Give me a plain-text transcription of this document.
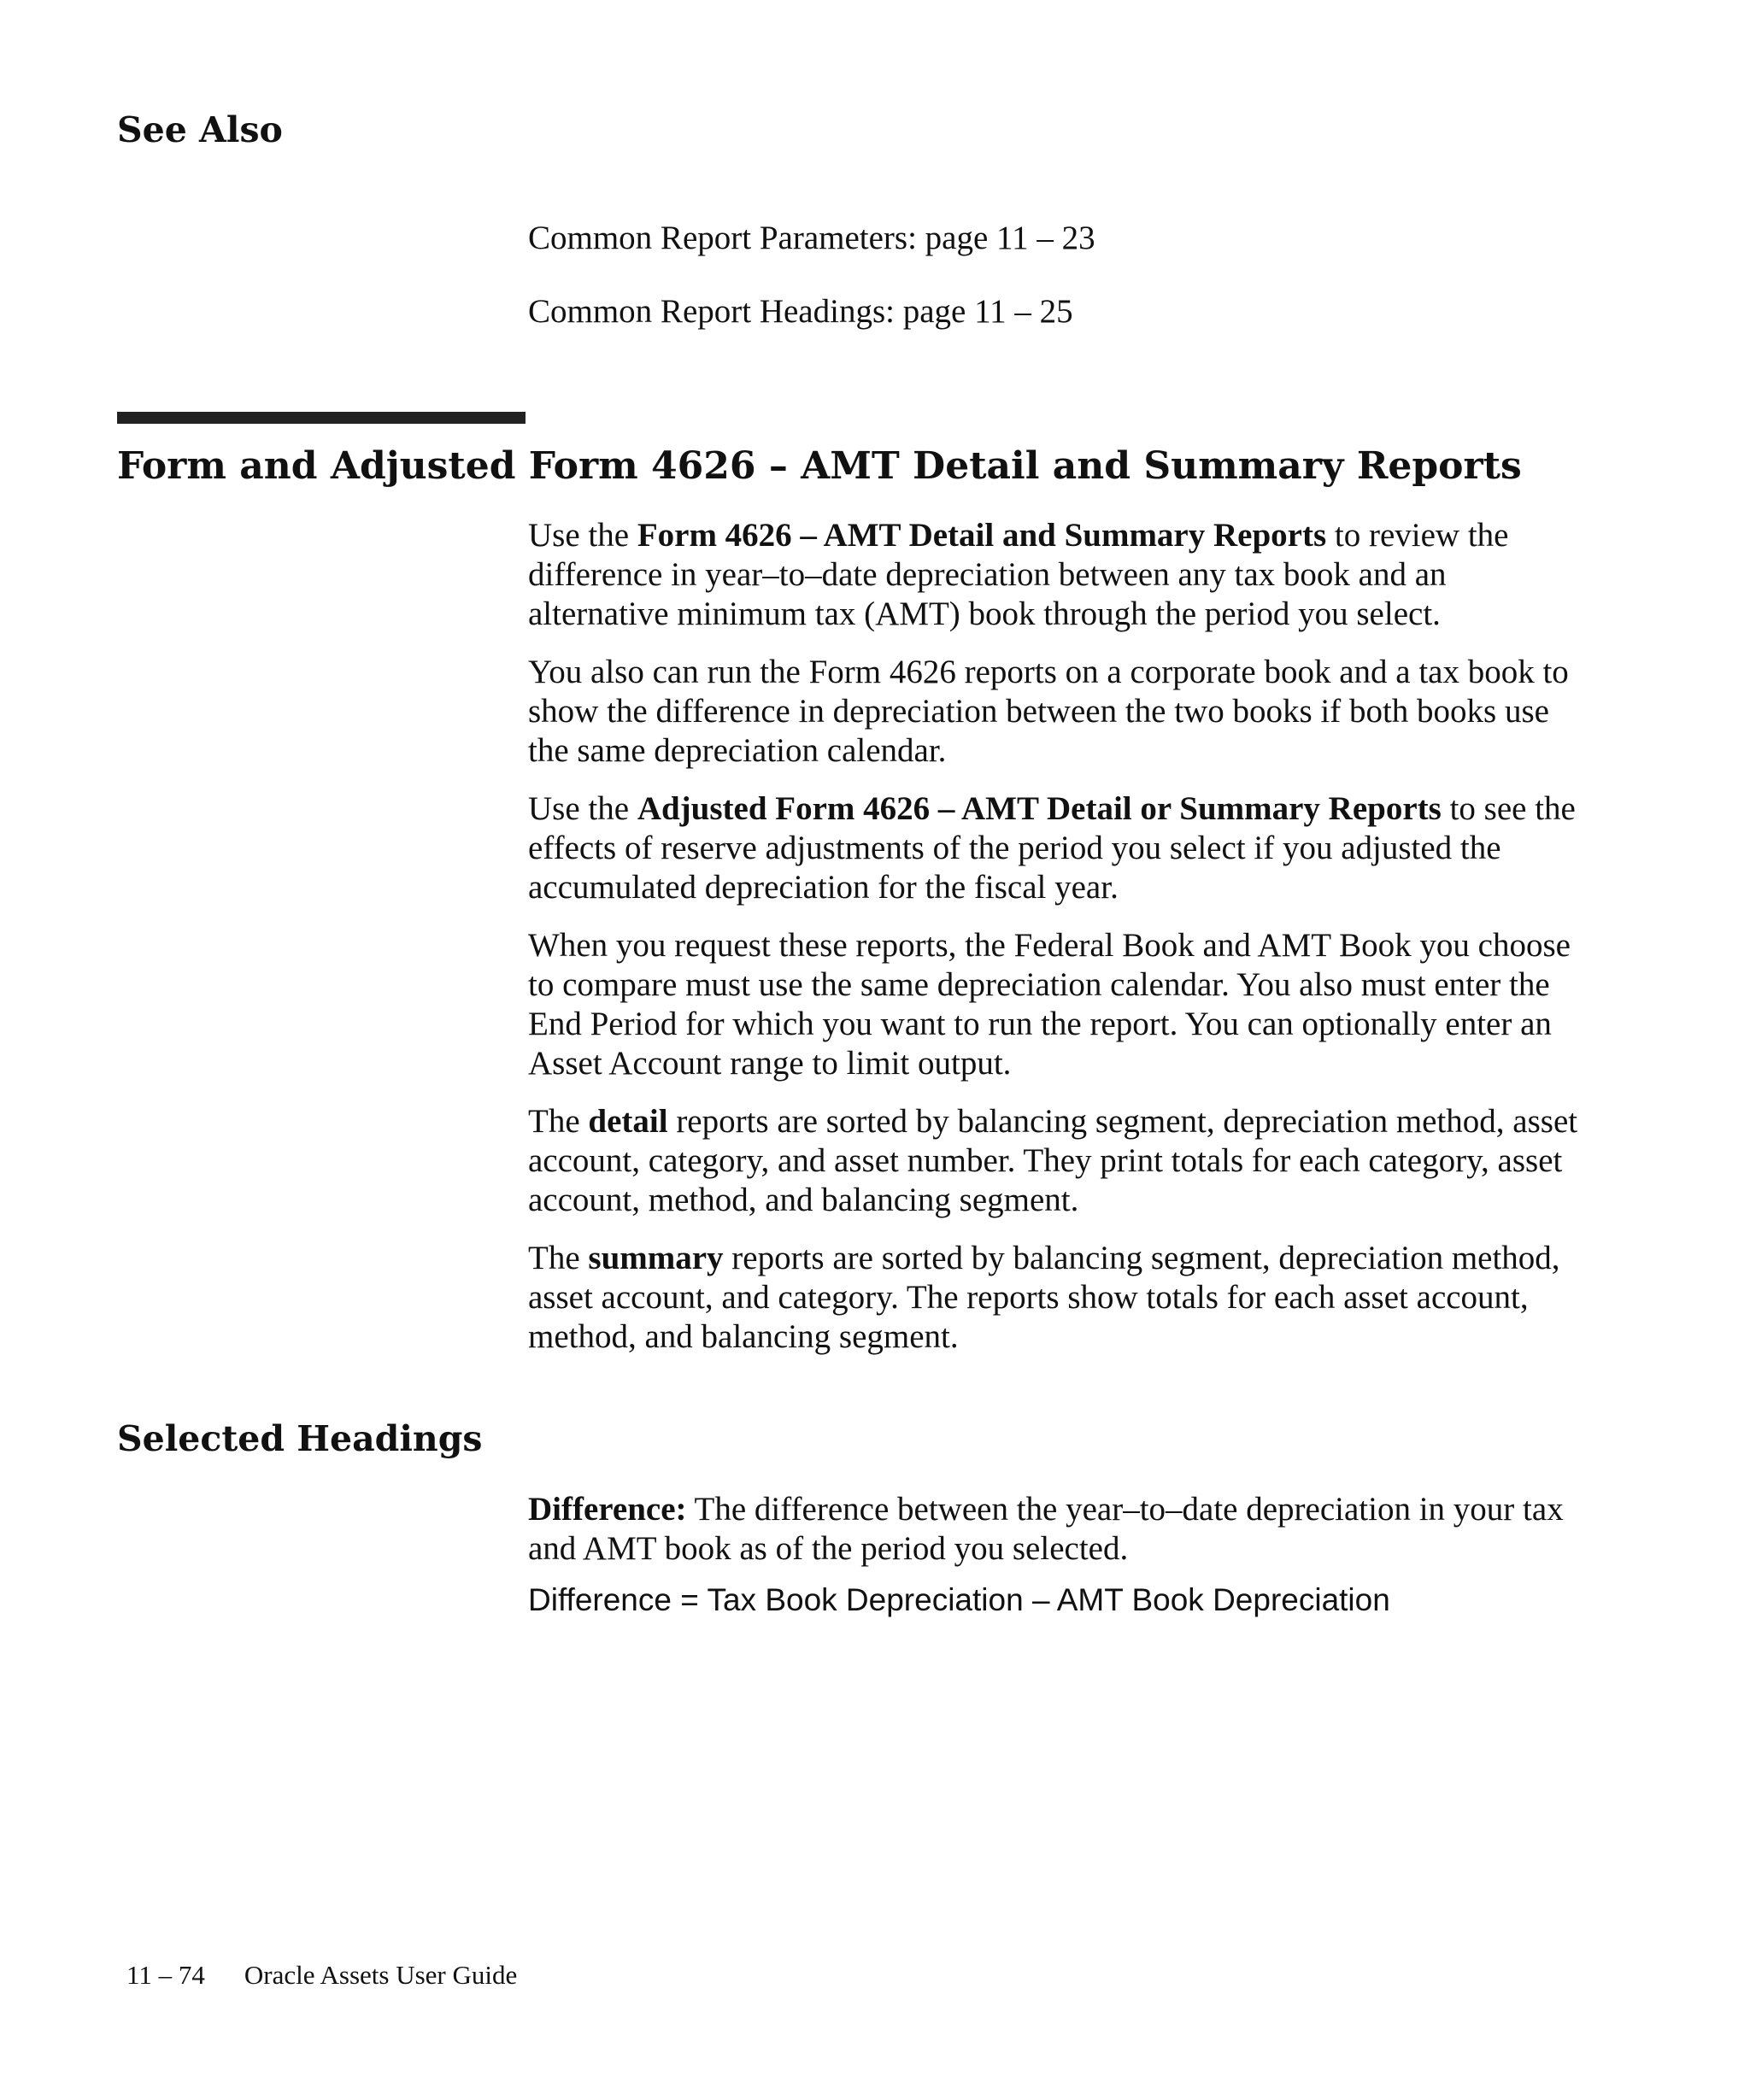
See Also
Common Report Parameters: page 11 – 23
Common Report Headings: page 11 – 25
Form and Adjusted Form 4626 – AMT Detail and Summary Reports

Use the Form 4626 – AMT Detail and Summary Reports to review the difference in year–to–date depreciation between any tax book and an alternative minimum tax (AMT) book through the period you select.

You also can run the Form 4626 reports on a corporate book and a tax book to show the difference in depreciation between the two books if both books use the same depreciation calendar.

Use the Adjusted Form 4626 – AMT Detail or Summary Reports to see the effects of reserve adjustments of the period you select if you adjusted the accumulated depreciation for the fiscal year.

When you request these reports, the Federal Book and AMT Book you choose to compare must use the same depreciation calendar. You also must enter the End Period for which you want to run the report. You can optionally enter an Asset Account range to limit output.

The detail reports are sorted by balancing segment, depreciation method, asset account, category, and asset number. They print totals for each category, asset account, method, and balancing segment.

The summary reports are sorted by balancing segment, depreciation method, asset account, and category. The reports show totals for each asset account, method, and balancing segment.

Selected Headings

Difference: The difference between the year–to–date depreciation in your tax and AMT book as of the period you selected.

Difference = Tax Book Depreciation – AMT Book Depreciation
11 – 74 Oracle Assets User Guide
